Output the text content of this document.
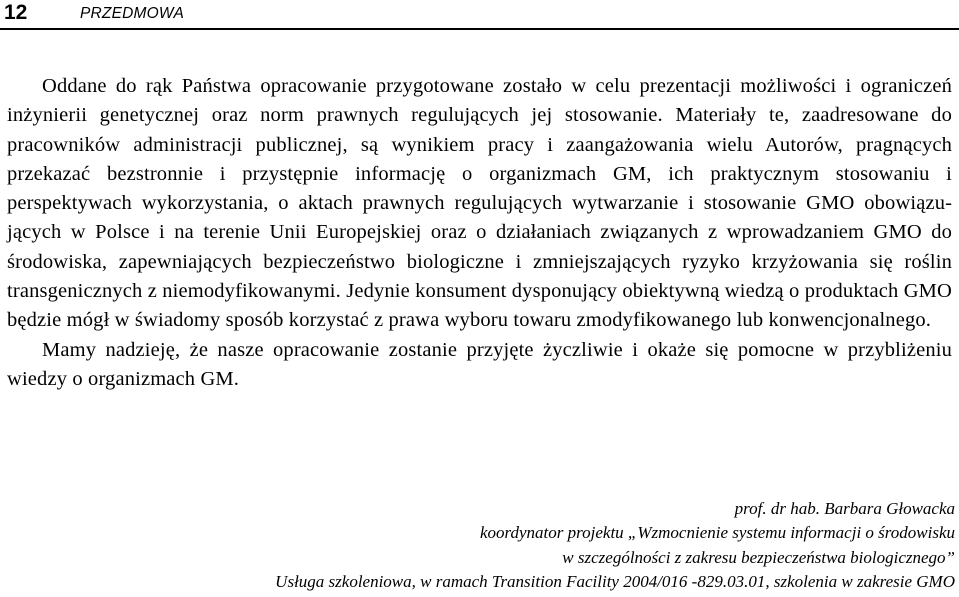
12	PRZEDMOWA

Oddane do rąk Państwa opracowanie przygotowane zostało w celu prezentacji możliwości i ograniczeń inżynierii genetycznej oraz norm prawnych regulujących jej stosowanie. Materiały te, zaadresowane do pracowników administracji publicznej, są wynikiem pracy i zaangażowania wielu Autorów, pragnących przekazać bezstronnie i przystępnie informację o organizmach GM, ich praktycznym stosowaniu i perspektywach wykorzystania, o aktach prawnych regulujących wytwarzanie i stosowanie GMO obowiązujących w Polsce i na terenie Unii Europejskiej oraz o działaniach związanych z wprowadzaniem GMO do środowiska, zapewniających bezpieczeństwo biologiczne i zmniejszających ryzyko krzyżowania się roślin transgenicznych z niemodyfikowanymi. Jedynie konsument dysponujący obiektywną wiedzą o produktach GMO będzie mógł w świadomy sposób korzystać z prawa wyboru towaru zmodyfikowanego lub konwencjonalnego.

Mamy nadzieję, że nasze opracowanie zostanie przyjęte życzliwie i okaże się pomocne w przybliżeniu wiedzy o organizmach GM.

prof. dr hab. Barbara Głowacka
koordynator projektu „Wzmocnienie systemu informacji o środowisku
w szczególności z zakresu bezpieczeństwa biologicznego”
Usługa szkoleniowa, w ramach Transition Facility 2004/016 -829.03.01, szkolenia w zakresie GMO
